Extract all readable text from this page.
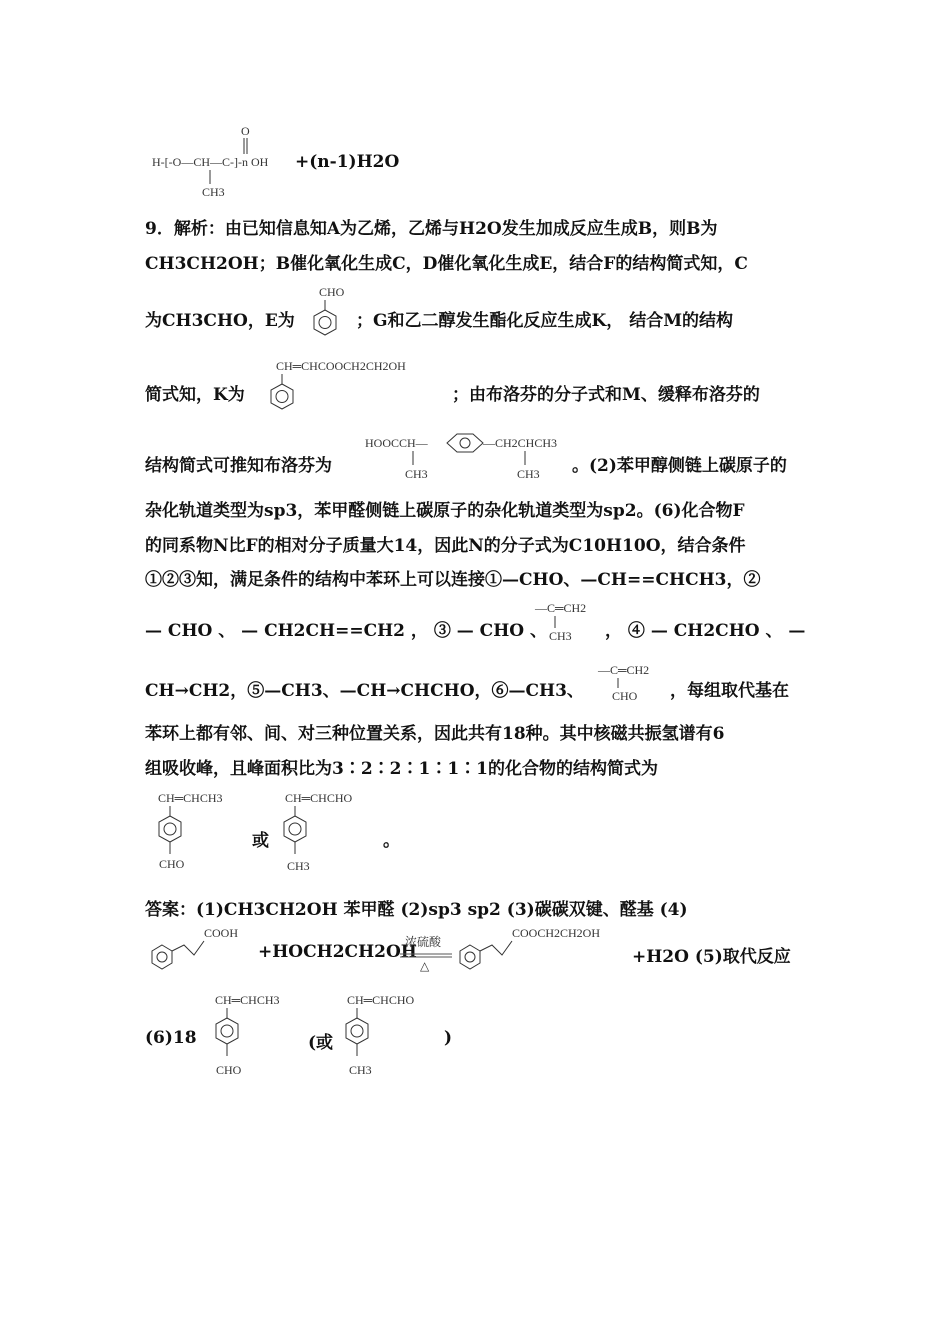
O
H-[-O—CH—C-]-n OH
CH3
+(n-1)H2O
9．解析：由已知信息知A为乙烯，乙烯与H2O发生加成反应生成B，则B为
CH3CH2OH；B催化氧化生成C，D催化氧化生成E，结合F的结构简式知，C
为CH3CHO，E为
CHO
；G和乙二醇发生酯化反应生成K， 结合M的结构
简式知，K为
CH═CHCOOCH2CH2OH
；由布洛芬的分子式和M、缓释布洛芬的
结构简式可推知布洛芬为
HOOCCH—	—CH2CHCH3
CH3	CH3 。(2)苯甲醇侧链上碳原子的
杂化轨道类型为sp3，苯甲醛侧链上碳原子的杂化轨道类型为sp2。(6)化合物F
的同系物N比F的相对分子质量大14，因此N的分子式为C10H10O，结合条件
①②③知，满足条件的结构中苯环上可以连接①—CHO、—CH==CHCH3，②
— CHO 、 — CH2CH==CH2 ， ③ — CHO 、
—C═CH2
CH3 ， ④ — CH2CHO 、 —
CH→CH2，⑤—CH3、—CH→CHCHO，⑥—CH3、
—C═CH2
CHO ，每组取代基在
苯环上都有邻、间、对三种位置关系，因此共有18种。其中核磁共振氢谱有6
组吸收峰，且峰面积比为3∶2∶2∶1∶1∶1的化合物的结构简式为
CH═CHCH3
CHO
或
CH═CHCHO
CH3
。
答案：(1)CH3CH2OH 苯甲醛 (2)sp3 sp2 (3)碳碳双键、醛基 (4)
COOH
+HOCH2CH2OH
浓硫酸
△
COOCH2CH2OH
+H2O (5)取代反应
(6)18
CH═CHCH3
CHO
(或
CH═CHCHO
CH3
)
